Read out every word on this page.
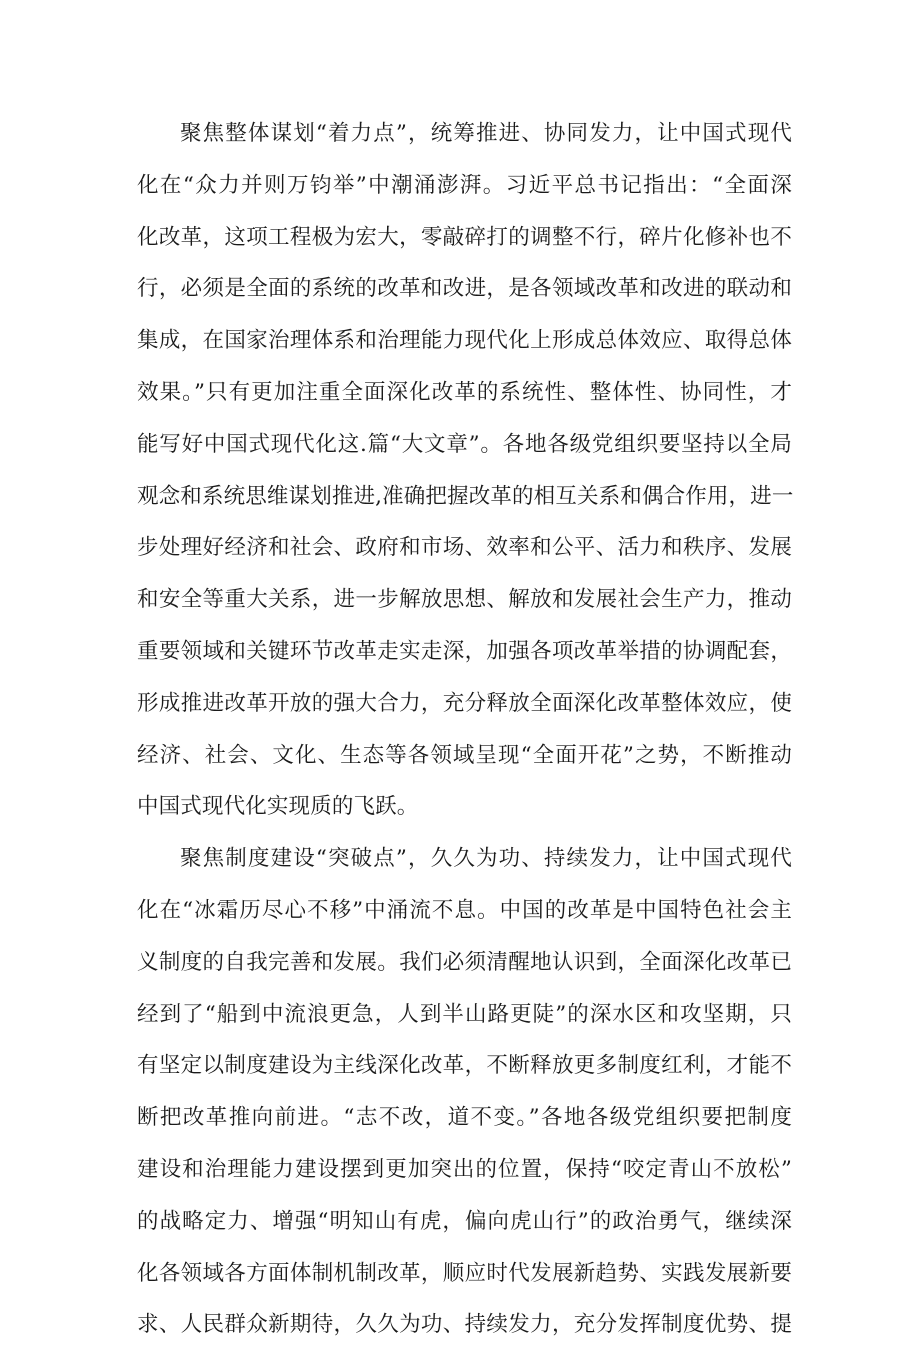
聚焦整体谋划“着力点”，统筹推进、协同发力，让中国式现代
化在“众力并则万钧举”中潮涌澎湃。习近平总书记指出：“全面深
化改革，这项工程极为宏大，零敲碎打的调整不行，碎片化修补也不
行，必须是全面的系统的改革和改进，是各领域改革和改进的联动和
集成，在国家治理体系和治理能力现代化上形成总体效应、取得总体
效果。”只有更加注重全面深化改革的系统性、整体性、协同性，才
能写好中国式现代化这.篇“大文章”。各地各级党组织要坚持以全局
观念和系统思维谋划推进,准确把握改革的相互关系和偶合作用，进一
步处理好经济和社会、政府和市场、效率和公平、活力和秩序、发展
和安全等重大关系，进一步解放思想、解放和发展社会生产力，推动
重要领域和关键环节改革走实走深，加强各项改革举措的协调配套，
形成推进改革开放的强大合力，充分释放全面深化改革整体效应，使
经济、社会、文化、生态等各领域呈现“全面开花”之势，不断推动
中国式现代化实现质的飞跃。
聚焦制度建设“突破点”，久久为功、持续发力，让中国式现代
化在“冰霜历尽心不移”中涌流不息。中国的改革是中国特色社会主
义制度的自我完善和发展。我们必须清醒地认识到，全面深化改革已
经到了“船到中流浪更急，人到半山路更陡”的深水区和攻坚期，只
有坚定以制度建设为主线深化改革，不断释放更多制度红利，才能不
断把改革推向前进。“志不改，道不变。”各地各级党组织要把制度
建设和治理能力建设摆到更加突出的位置，保持“咬定青山不放松”
的战略定力、增强“明知山有虎，偏向虎山行”的政治勇气，继续深
化各领域各方面体制机制改革，顺应时代发展新趋势、实践发展新要
求、人民群众新期待，久久为功、持续发力，充分发挥制度优势、提
